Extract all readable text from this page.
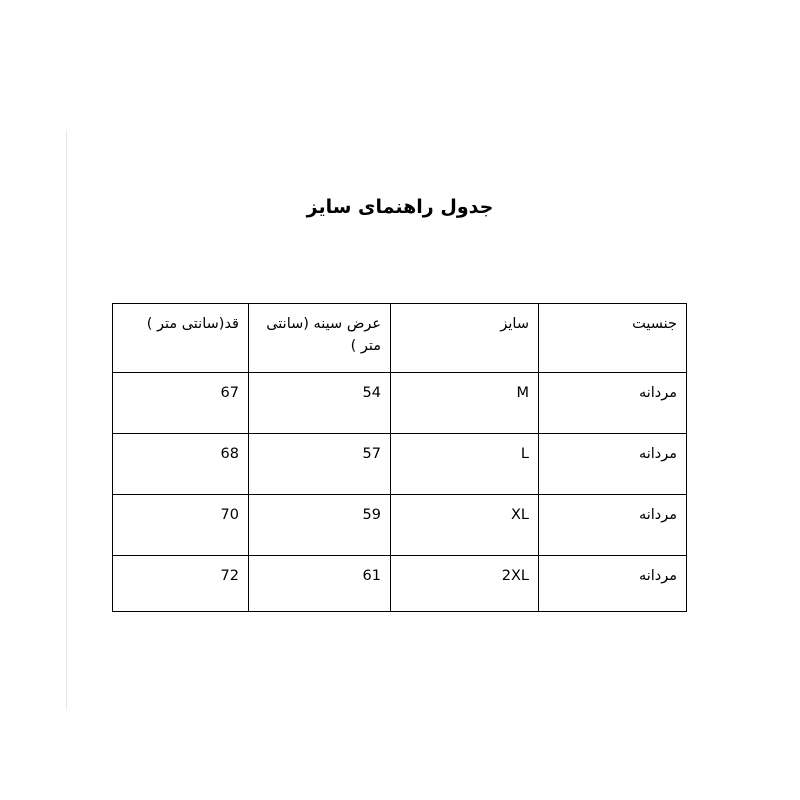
جدول راهنمای سایز
جنسیت	سایز	عرض سینه (سانتی متر )	قد(سانتی متر )
مردانه	M	54	67
مردانه	L	57	68
مردانه	XL	59	70
مردانه	2XL	61	72
